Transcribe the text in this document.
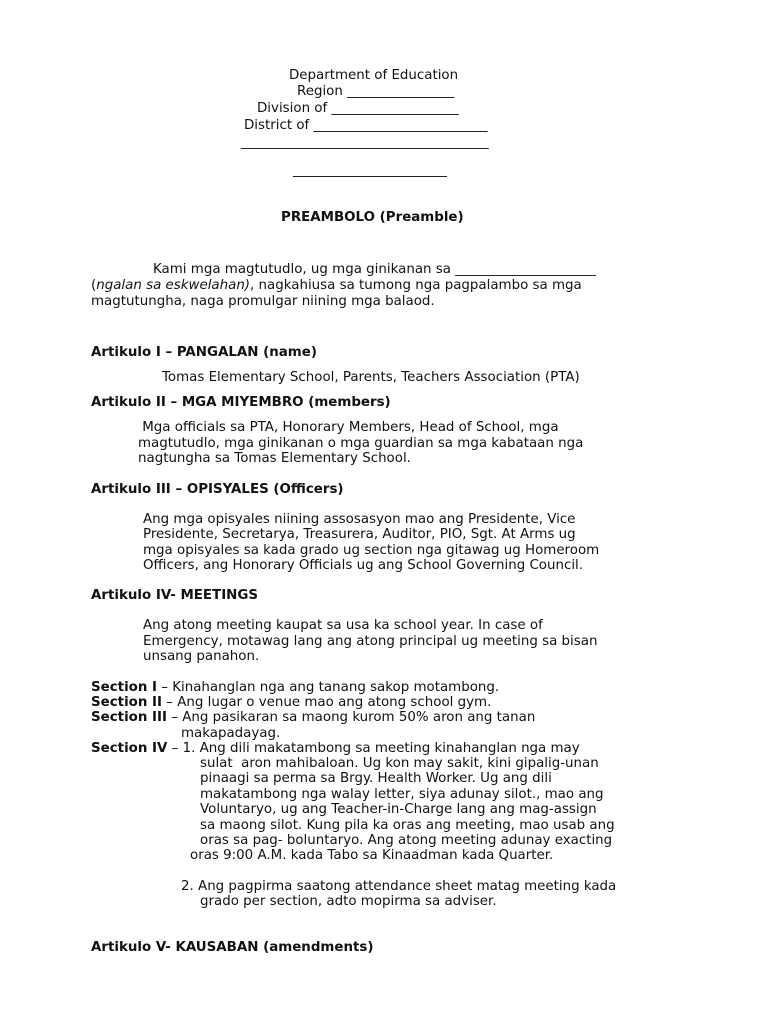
Department of Education
Region ________________
Division of ___________________
District of __________________________
_____________________________________
_______________________
PREAMBOLO (Preamble)
Kami mga magtutudlo, ug mga ginikanan sa _____________________
(ngalan sa eskwelahan), nagkahiusa sa tumong nga pagpalambo sa mga
magtutungha, naga promulgar niining mga balaod.
Artikulo I – PANGALAN (name)
Tomas Elementary School, Parents, Teachers Association (PTA)
Artikulo II – MGA MIYEMBRO (members)
Mga officials sa PTA, Honorary Members, Head of School, mga
magtutudlo, mga ginikanan o mga guardian sa mga kabataan nga
nagtungha sa Tomas Elementary School.
Artikulo III – OPISYALES (Officers)
Ang mga opisyales niining assosasyon mao ang Presidente, Vice
Presidente, Secretarya, Treasurera, Auditor, PIO, Sgt. At Arms ug
mga opisyales sa kada grado ug section nga gitawag ug Homeroom
Officers, ang Honorary Officials ug ang School Governing Council.
Artikulo IV- MEETINGS
Ang atong meeting kaupat sa usa ka school year. In case of
Emergency, motawag lang ang atong principal ug meeting sa bisan
unsang panahon.
Section I – Kinahanglan nga ang tanang sakop motambong.
Section II – Ang lugar o venue mao ang atong school gym.
Section III – Ang pasikaran sa maong kurom 50% aron ang tanan
makapadayag.
Section IV – 1. Ang dili makatambong sa meeting kinahanglan nga may
sulat  aron mahibaloan. Ug kon may sakit, kini gipalig-unan
pinaagi sa perma sa Brgy. Health Worker. Ug ang dili
makatambong nga walay letter, siya adunay silot., mao ang
Voluntaryo, ug ang Teacher-in-Charge lang ang mag-assign
sa maong silot. Kung pila ka oras ang meeting, mao usab ang
oras sa pag- boluntaryo. Ang atong meeting adunay exacting
oras 9:00 A.M. kada Tabo sa Kinaadman kada Quarter.
2. Ang pagpirma saatong attendance sheet matag meeting kada
grado per section, adto mopirma sa adviser.
Artikulo V- KAUSABAN (amendments)
